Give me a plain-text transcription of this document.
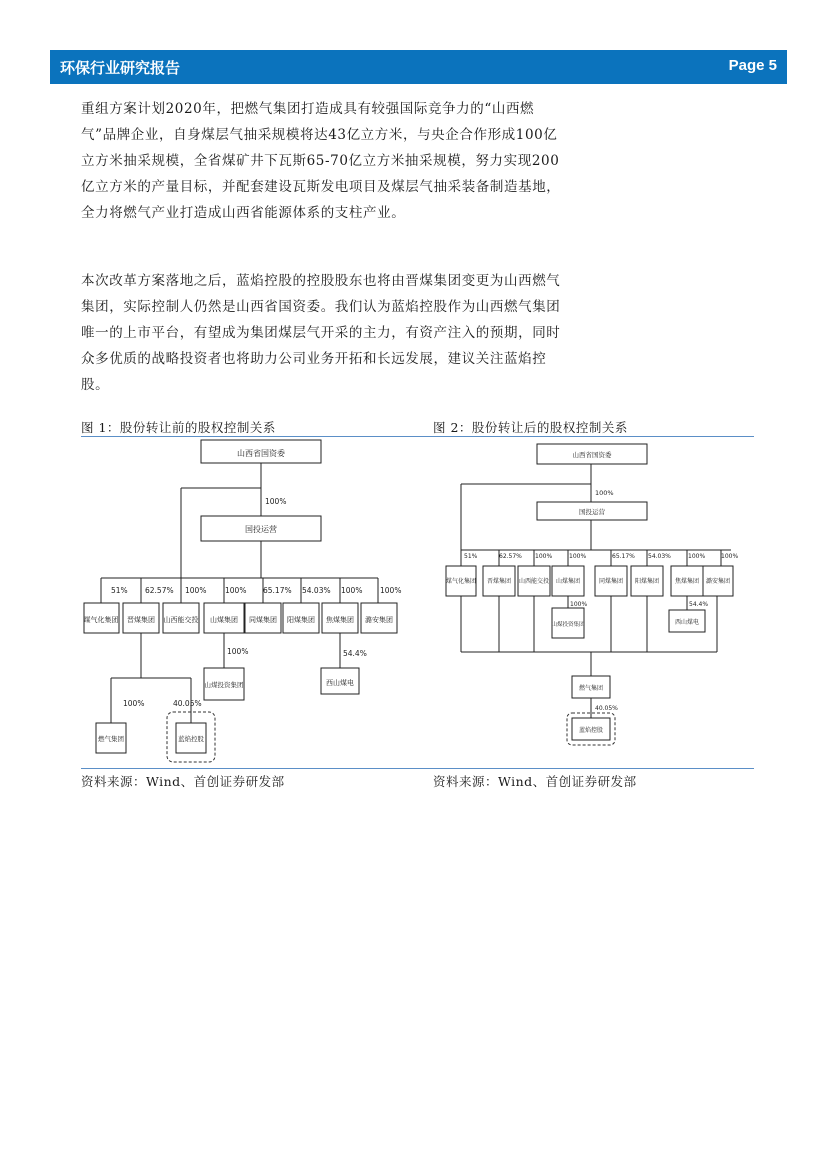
环保行业研究报告	Page 5

重组方案计划2020年，把燃气集团打造成具有较强国际竞争力的“山西燃气”品牌企业，自身煤层气抽采规模将达43亿立方米，与央企合作形成100亿立方米抽采规模，全省煤矿井下瓦斯65-70亿立方米抽采规模，努力实现200亿立方米的产量目标，并配套建设瓦斯发电项目及煤层气抽采装备制造基地，全力将燃气产业打造成山西省能源体系的支柱产业。

本次改革方案落地之后，蓝焰控股的控股股东也将由晋煤集团变更为山西燃气集团，实际控制人仍然是山西省国资委。我们认为蓝焰控股作为山西燃气集团唯一的上市平台，有望成为集团煤层气开采的主力，有资产注入的预期，同时众多优质的战略投资者也将助力公司业务开拓和长远发展，建议关注蓝焰控股。

图 1：股份转让前的股权控制关系	图 2：股份转让后的股权控制关系
资料来源：Wind、首创证券研发部	资料来源：Wind、首创证券研发部
山西省国资委
100%
国投运营
51% 62.57% 100% 100% 65.17% 54.03% 100% 100%
煤气化集团 晋煤集团 山西能交投 山煤集团 同煤集团 阳煤集团 焦煤集团 潞安集团
100%
山煤投资集团
54.4%
西山煤电
100%	40.05%
燃气集团	蓝焰控股
山西省国资委
100%
国投运营
51%	62.57% 100%	100%	65.17% 54.03%	100%	100%
煤气化集团 晋煤集团 山西能交投 山煤集团	同煤集团 阳煤集团	焦煤集团 潞安集团
100%
山煤投资集团
54.4%
西山煤电
燃气集团
40.05%
蓝焰控股
